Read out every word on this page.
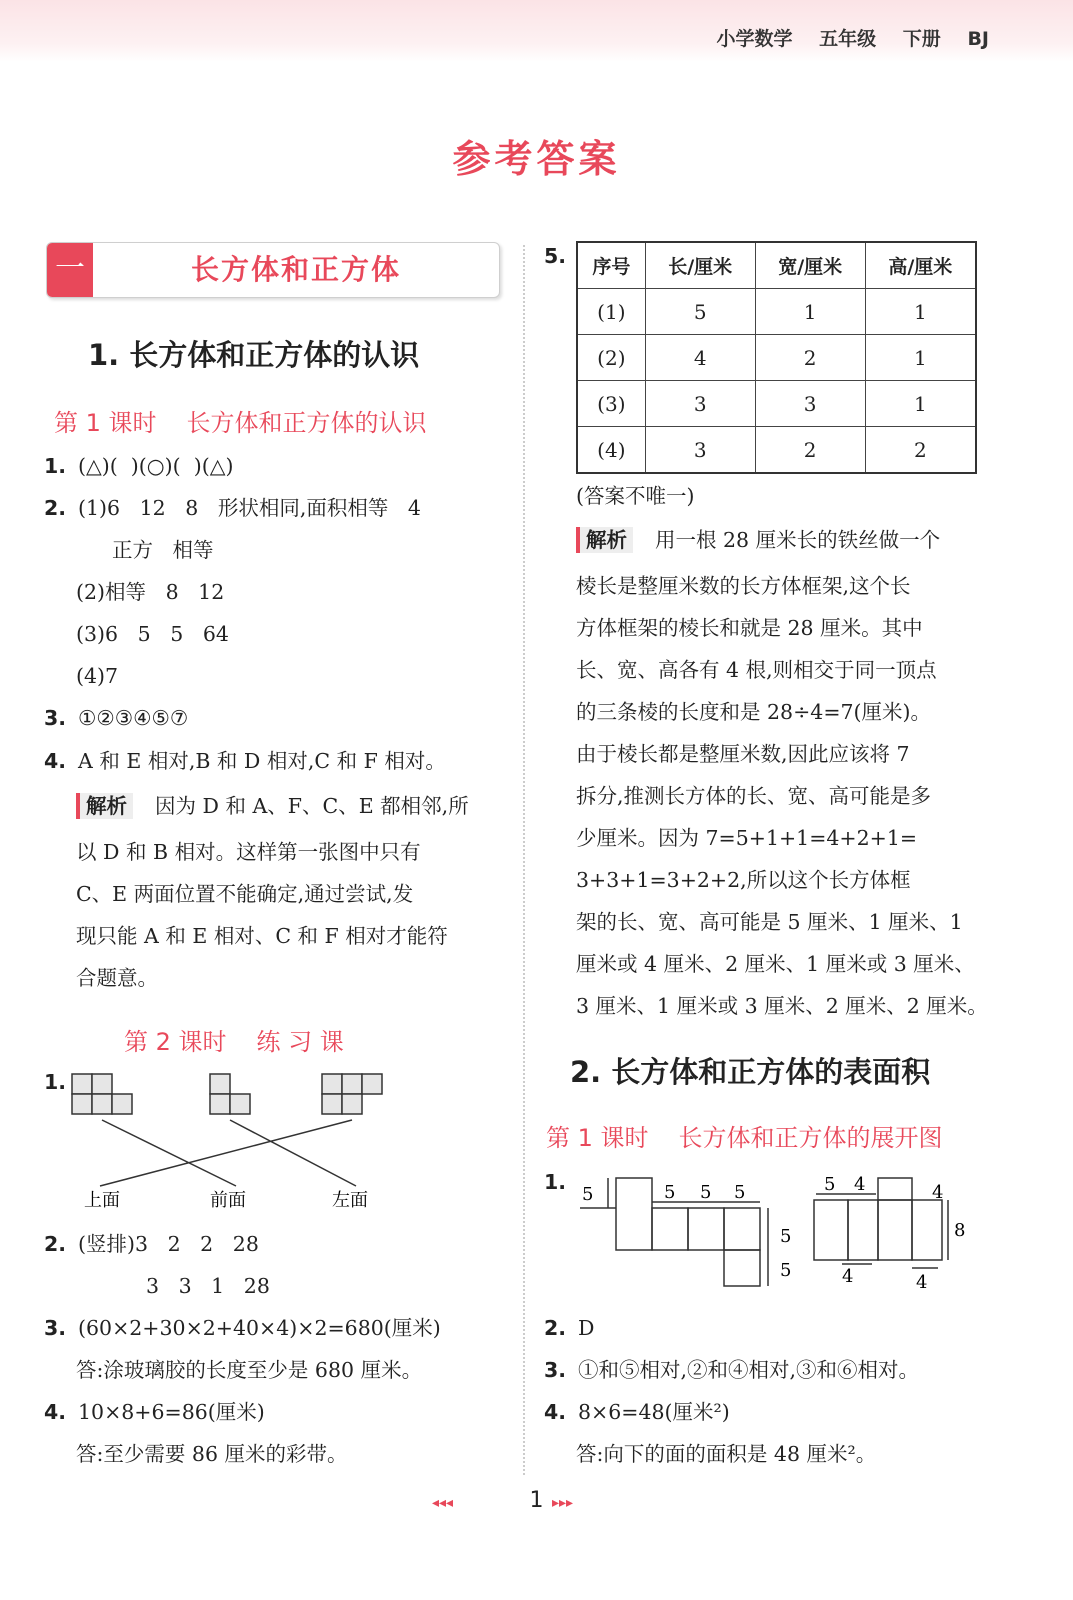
小学数学 五年级 下册 BJ
参考答案
一	长方体和正方体
1. 长方体和正方体的认识
第 1 课时 长方体和正方体的认识
1. (△)(  )(○)(  )(△)
2. (1)6   12   8   形状相同,面积相等   4
正方   相等
(2)相等   8   12
(3)6   5   5   64
(4)7
3. ①②③④⑤⑦
4. A 和 E 相对,B 和 D 相对,C 和 F 相对。
解析 因为 D 和 A、F、C、E 都相邻,所
以 D 和 B 相对。这样第一张图中只有
C、E 两面位置不能确定,通过尝试,发
现只能 A 和 E 相对、C 和 F 相对才能符
合题意。
第 2 课时 练 习 课
1.
上面	前面	左面
2. (竖排)3   2   2   28
3   3   1   28
3. (60×2+30×2+40×4)×2=680(厘米)
答:涂玻璃胶的长度至少是 680 厘米。
4. 10×8+6=86(厘米)
答:至少需要 86 厘米的彩带。
5.	序号	长/厘米	宽/厘米	高/厘米
(1)	5	1	1
(2)	4	2	1
(3)	3	3	1
(4)	3	2	2
(答案不唯一)
解析 用一根 28 厘米长的铁丝做一个
棱长是整厘米数的长方体框架,这个长
方体框架的棱长和就是 28 厘米。其中
长、宽、高各有 4 根,则相交于同一顶点
的三条棱的长度和是 28÷4=7(厘米)。
由于棱长都是整厘米数,因此应该将 7
拆分,推测长方体的长、宽、高可能是多
少厘米。因为 7=5+1+1=4+2+1=
3+3+1=3+2+2,所以这个长方体框
架的长、宽、高可能是 5 厘米、1 厘米、1
厘米或 4 厘米、2 厘米、1 厘米或 3 厘米、
3 厘米、1 厘米或 3 厘米、2 厘米、2 厘米。
2. 长方体和正方体的表面积
第 1 课时 长方体和正方体的展开图
1.
5	5 5 5
5
5
5 4	4
8
4	4
2. D
3. ①和⑤相对,②和④相对,③和⑥相对。
4. 8×6=48(厘米²)
答:向下的面的面积是 48 厘米²。
◂◂◂	1 ▸▸▸
